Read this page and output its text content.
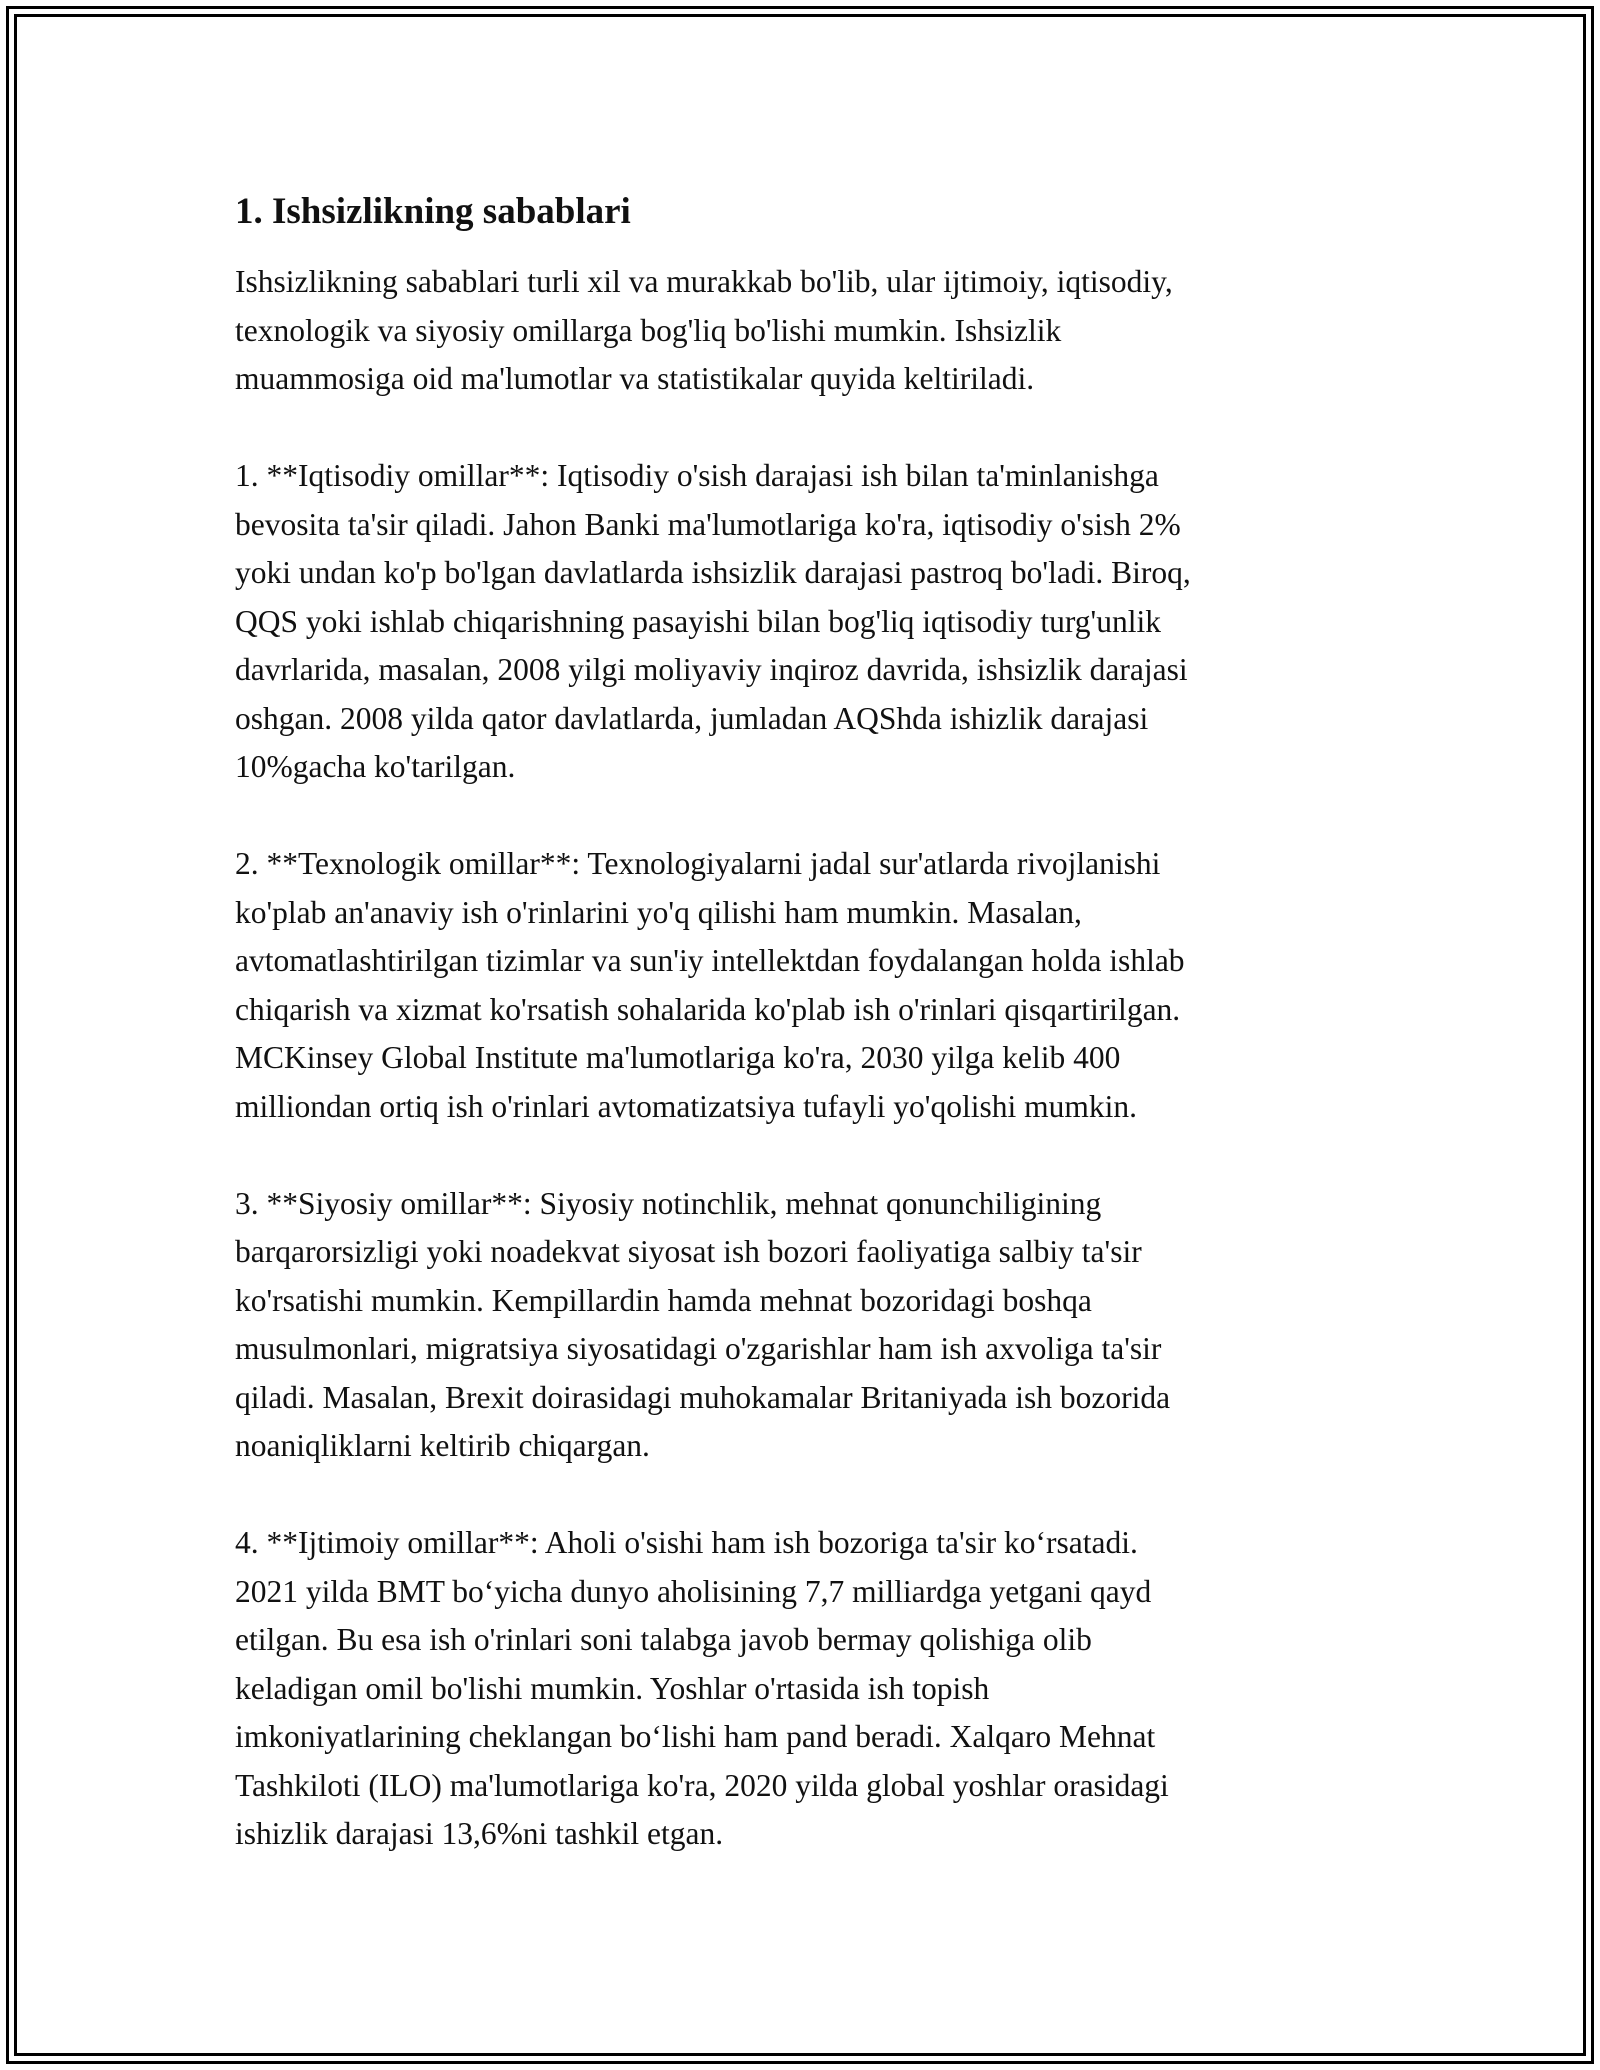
1. Ishsizlikning sabablari
Ishsizlikning sabablari turli xil va murakkab bo'lib, ular ijtimoiy, iqtisodiy,
texnologik va siyosiy omillarga bog'liq bo'lishi mumkin. Ishsizlik
muammosiga oid ma'lumotlar va statistikalar quyida keltiriladi.
1. **Iqtisodiy omillar**: Iqtisodiy o'sish darajasi ish bilan ta'minlanishga
bevosita ta'sir qiladi. Jahon Banki ma'lumotlariga ko'ra, iqtisodiy o'sish 2%
yoki undan ko'p bo'lgan davlatlarda ishsizlik darajasi pastroq bo'ladi. Biroq,
QQS yoki ishlab chiqarishning pasayishi bilan bog'liq iqtisodiy turg'unlik
davrlarida, masalan, 2008 yilgi moliyaviy inqiroz davrida, ishsizlik darajasi
oshgan. 2008 yilda qator davlatlarda, jumladan AQShda ishizlik darajasi
10%gacha ko'tarilgan.
2. **Texnologik omillar**: Texnologiyalarni jadal sur'atlarda rivojlanishi
ko'plab an'anaviy ish o'rinlarini yo'q qilishi ham mumkin. Masalan,
avtomatlashtirilgan tizimlar va sun'iy intellektdan foydalangan holda ishlab
chiqarish va xizmat ko'rsatish sohalarida ko'plab ish o'rinlari qisqartirilgan.
MCKinsey Global Institute ma'lumotlariga ko'ra, 2030 yilga kelib 400
milliondan ortiq ish o'rinlari avtomatizatsiya tufayli yo'qolishi mumkin.
3. **Siyosiy omillar**: Siyosiy notinchlik, mehnat qonunchiligining
barqarorsizligi yoki noadekvat siyosat ish bozori faoliyatiga salbiy ta'sir
ko'rsatishi mumkin. Kempillardin hamda mehnat bozoridagi boshqa
musulmonlari, migratsiya siyosatidagi o'zgarishlar ham ish axvoliga ta'sir
qiladi. Masalan, Brexit doirasidagi muhokamalar Britaniyada ish bozorida
noaniqliklarni keltirib chiqargan.
4. **Ijtimoiy omillar**: Aholi o'sishi ham ish bozoriga ta'sir ko‘rsatadi.
2021 yilda BMT bo‘yicha dunyo aholisining 7,7 milliardga yetgani qayd
etilgan. Bu esa ish o'rinlari soni talabga javob bermay qolishiga olib
keladigan omil bo'lishi mumkin. Yoshlar o'rtasida ish topish
imkoniyatlarining cheklangan bo‘lishi ham pand beradi. Xalqaro Mehnat
Tashkiloti (ILO) ma'lumotlariga ko'ra, 2020 yilda global yoshlar orasidagi
ishizlik darajasi 13,6%ni tashkil etgan.
